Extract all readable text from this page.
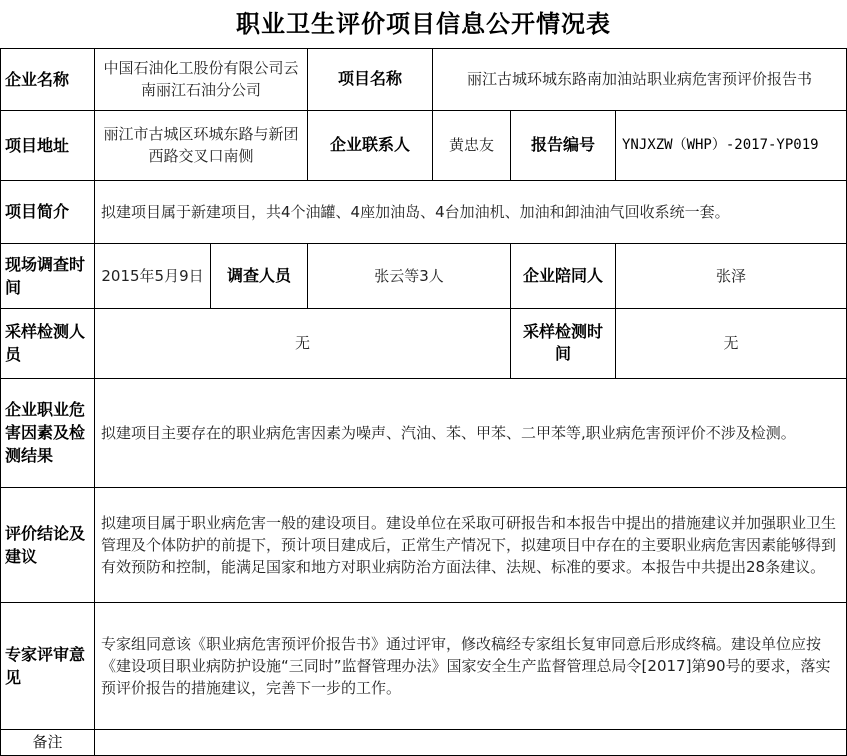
职业卫生评价项目信息公开情况表						
企业名称	中国石油化工股份有限公司云南丽江石油分公司		项目名称	丽江古城环城东路南加油站职业病危害预评价报告书		
项目地址	丽江市古城区环城东路与新团西路交叉口南侧		企业联系人	黄忠友	报告编号	YNJXZW（WHP）-2017-YP019
项目简介	拟建项目属于新建项目，共4个油罐、4座加油岛、4台加油机、加油和卸油油气回收系统一套。					
现场调查时间	2015年5月9日	调查人员	张云等3人		企业陪同人	张泽
采样检测人员	无				采样检测时间	无
企业职业危害因素及检测结果	拟建项目主要存在的职业病危害因素为噪声、汽油、苯、甲苯、二甲苯等,职业病危害预评价不涉及检测。					
评价结论及建议	拟建项目属于职业病危害一般的建设项目。建设单位在采取可研报告和本报告中提出的措施建议并加强职业卫生管理及个体防护的前提下，预计项目建成后，正常生产情况下，拟建项目中存在的主要职业病危害因素能够得到有效预防和控制，能满足国家和地方对职业病防治方面法律、法规、标准的要求。本报告中共提出28条建议。					
专家评审意见	专家组同意该《职业病危害预评价报告书》通过评审，修改稿经专家组长复审同意后形成终稿。建设单位应按《建设项目职业病防护设施“三同时”监督管理办法》国家安全生产监督管理总局令[2017]第90号的要求，落实预评价报告的措施建议，完善下一步的工作。					
备注						
